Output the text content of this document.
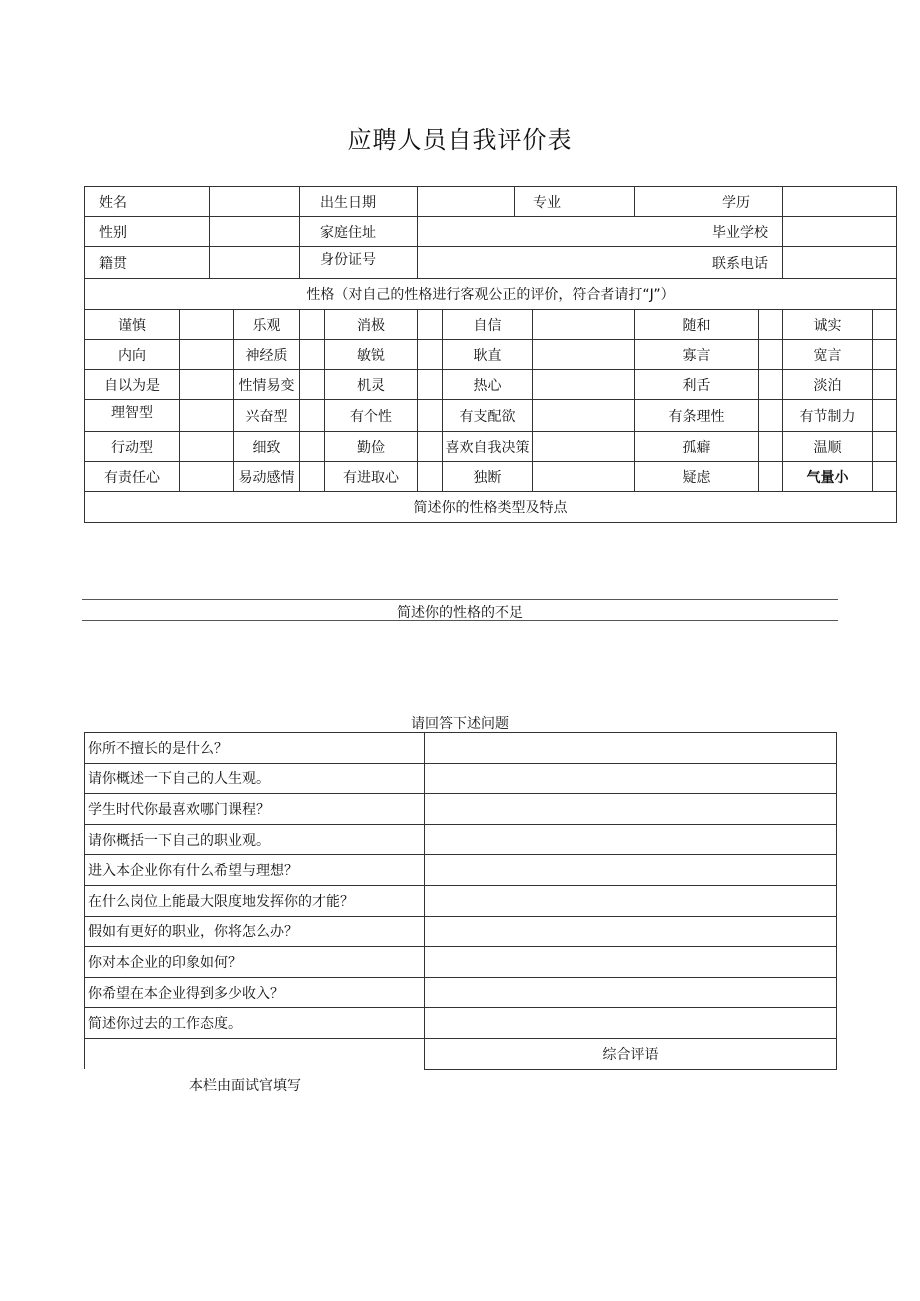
应聘人员自我评价表
姓名				出生日期				专业		学历			
性别				家庭住址		毕业学校							
籍贯				身份证号		联系电话							
性格（对自己的性格进行客观公正的评价，符合者请打“J”）													
谨慎			乐观		消极		自信			随和		诚实	
内向			神经质		敏锐		耿直			寡言		宽言	
自以为是			性情易变		机灵		热心			利舌		淡泊	
理智型			兴奋型		有个性		有支配欲			有条理性		有节制力	
行动型			细致		勤俭		喜欢自我决策			孤癖		温顺	
有责任心			易动感情		有进取心		独断			疑虑		气量小	
简述你的性格类型及特点													
简述你的性格的不足
请回答下述问题
你所不擅长的是什么？	
请你概述一下自己的人生观。	
学生时代你最喜欢哪门课程？	
请你概括一下自己的职业观。	
进入本企业你有什么希望与理想？	
在什么岗位上能最大限度地发挥你的才能？	
假如有更好的职业，你将怎么办？	
你对本企业的印象如何？	
你希望在本企业得到多少收入？	
简述你过去的工作态度。	
	综合评语
本栏由面试官填写
